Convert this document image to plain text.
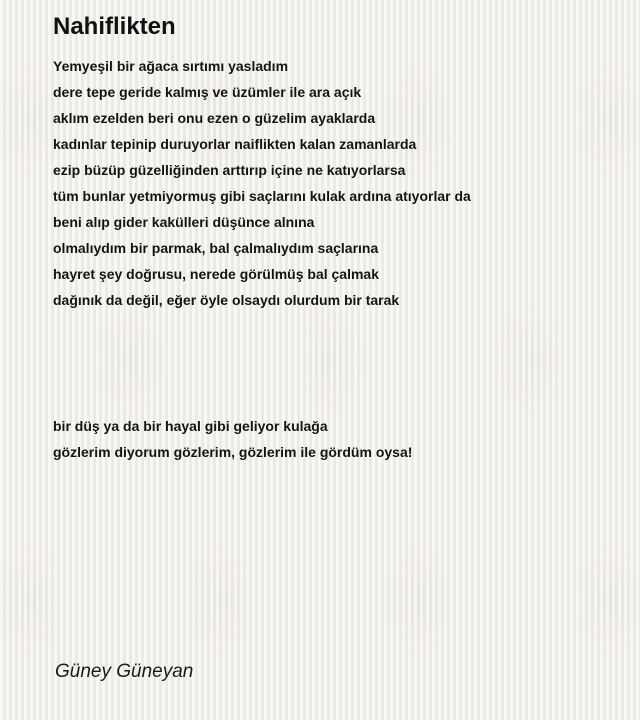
Nahiflikten
Yemyeşil bir ağaca sırtımı yasladım
dere tepe geride kalmış ve üzümler ile ara açık
aklım ezelden beri onu ezen o güzelim ayaklarda
kadınlar tepinip duruyorlar naiflikten kalan zamanlarda
ezip büzüp güzelliğinden arttırıp içine ne katıyorlarsa
tüm bunlar yetmiyormuş gibi saçlarını kulak ardına atıyorlar da
beni alıp gider kakülleri düşünce alnına
olmalıydım bir parmak, bal çalmalıydım saçlarına
hayret şey doğrusu, nerede görülmüş bal çalmak
dağınık da değil, eğer öyle olsaydı olurdum bir tarak
bir düş ya da bir hayal gibi geliyor kulağa
gözlerim diyorum gözlerim, gözlerim ile gördüm oysa!

Güney Güneyan
